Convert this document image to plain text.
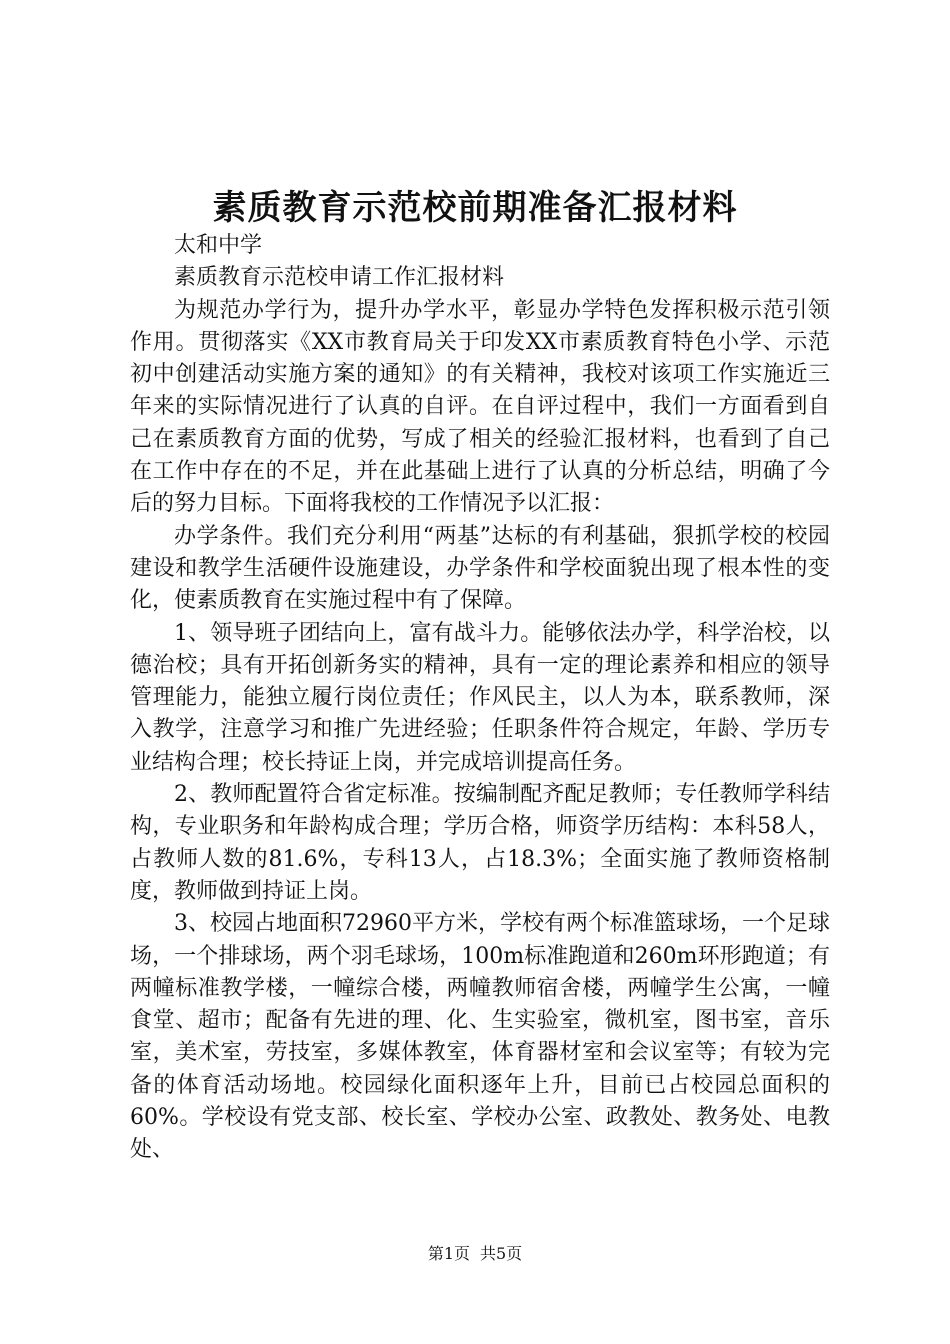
素质教育示范校前期准备汇报材料

太和中学

素质教育示范校申请工作汇报材料

为规范办学行为，提升办学水平，彰显办学特色发挥积极示范引领作用。贯彻落实《XX市教育局关于印发XX市素质教育特色小学、示范初中创建活动实施方案的通知》的有关精神，我校对该项工作实施近三年来的实际情况进行了认真的自评。在自评过程中，我们一方面看到自己在素质教育方面的优势，写成了相关的经验汇报材料，也看到了自己在工作中存在的不足，并在此基础上进行了认真的分析总结，明确了今后的努力目标。下面将我校的工作情况予以汇报：

办学条件。我们充分利用“两基”达标的有利基础，狠抓学校的校园建设和教学生活硬件设施建设，办学条件和学校面貌出现了根本性的变化，使素质教育在实施过程中有了保障。

1、领导班子团结向上，富有战斗力。能够依法办学，科学治校，以德治校；具有开拓创新务实的精神，具有一定的理论素养和相应的领导管理能力，能独立履行岗位责任；作风民主，以人为本，联系教师，深入教学，注意学习和推广先进经验；任职条件符合规定，年龄、学历专业结构合理；校长持证上岗，并完成培训提高任务。

2、教师配置符合省定标准。按编制配齐配足教师；专任教师学科结构，专业职务和年龄构成合理；学历合格，师资学历结构：本科58人，占教师人数的81.6%，专科13人，占18.3%；全面实施了教师资格制度，教师做到持证上岗。

3、校园占地面积72960平方米，学校有两个标准篮球场，一个足球场，一个排球场，两个羽毛球场，100m标准跑道和260m环形跑道；有两幢标准教学楼，一幢综合楼，两幢教师宿舍楼，两幢学生公寓，一幢食堂、超市；配备有先进的理、化、生实验室，微机室，图书室，音乐室，美术室，劳技室，多媒体教室，体育器材室和会议室等；有较为完备的体育活动场地。校园绿化面积逐年上升，目前已占校园总面积的60%。学校设有党支部、校长室、学校办公室、政教处、教务处、电教处、

第1页 共5页
